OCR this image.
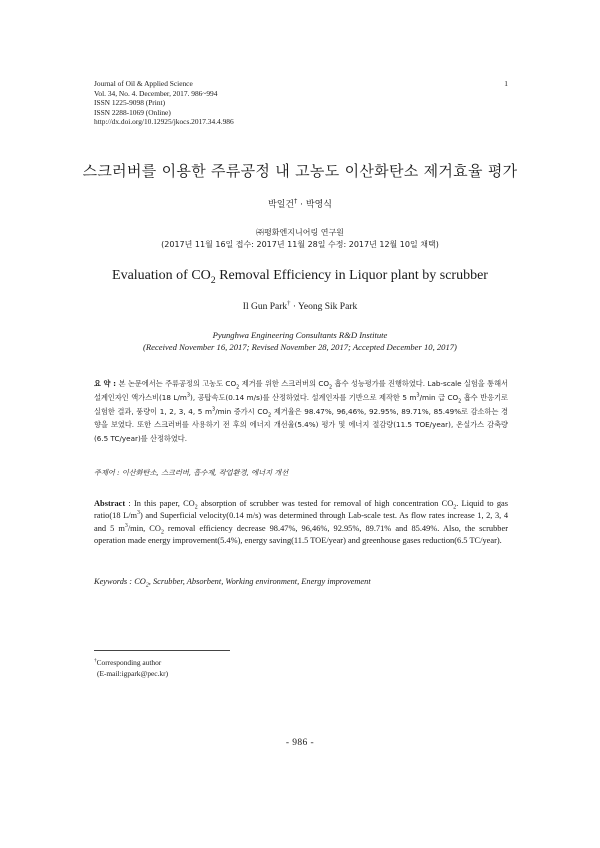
Journal of Oil & Applied Science
Vol. 34, No. 4. December, 2017. 986~994
ISSN 1225-9098 (Print)
ISSN 2288-1069 (Online)
http://dx.doi.org/10.12925/jkocs.2017.34.4.986
1
스크러버를 이용한 주류공정 내 고농도 이산화탄소 제거효율 평가
박일건† · 박영식
㈜평화엔지니어링 연구원
(2017년 11월 16일 접수: 2017년 11월 28일 수정: 2017년 12월 10일 채택)
Evaluation of $CO_2$ Removal Efficiency in Liquor plant by scrubber
Il Gun Park† · Yeong Sik Park
Pyunghwa Engineering Consultants R&D Institute
(Received November 16, 2017; Revised November 28, 2017; Accepted December 10, 2017)
요 약 : 본 논문에서는 주류공정의 고농도 $CO_2$ 제거를 위한 스크러버의 $CO_2$ 흡수 성능평가를 진행하였다. Lab-scale 실험을 통해서 설계인자인 액가스비(18 $L/m^3$), 공탑속도(0.14 m/s)를 산정하였다. 설계인자를 기반으로 제작한 5 $m^3/\min$ 급 $CO_2$ 흡수 반응기로 실험한 결과, 풍량이 1, 2, 3, 4, 5 $m^3/\min$ 증가시 $CO_2$ 제거율은 98.47%, 96,46%, 92.95%, 89.71%, 85.49%로 감소하는 경향을 보였다. 또한 스크러버를 사용하기 전 후의 에너지 개선율(5.4%) 평가 및 에너지 절감량(11.5 TOE/year), 온실가스 감축량(6.5 TC/year)를 산정하였다.
주제어 : 이산화탄소, 스크러버, 흡수제, 작업환경, 에너지 개선
Abstract : In this paper, $CO_2$ absorption of scrubber was tested for removal of high concentration $CO_2$. Liquid to gas ratio(18 $L/m^3$) and Superficial velocity(0.14 m/s) was determined through Lab-scale test. As flow rates increase 1, 2, 3, 4 and 5 $m^3/\min$, $CO_2$ removal efficiency decrease 98.47%, 96,46%, 92.95%, 89.71% and 85.49%. Also, the scrubber operation made energy improvement(5.4%), energy saving(11.5 TOE/year) and greenhouse gases reduction(6.5 TC/year).
Keywords : $CO_2$, Scrubber, Absorbent, Working environment, Energy improvement
†Corresponding author
(E-mail:igpark@pec.kr)
- 986 -
